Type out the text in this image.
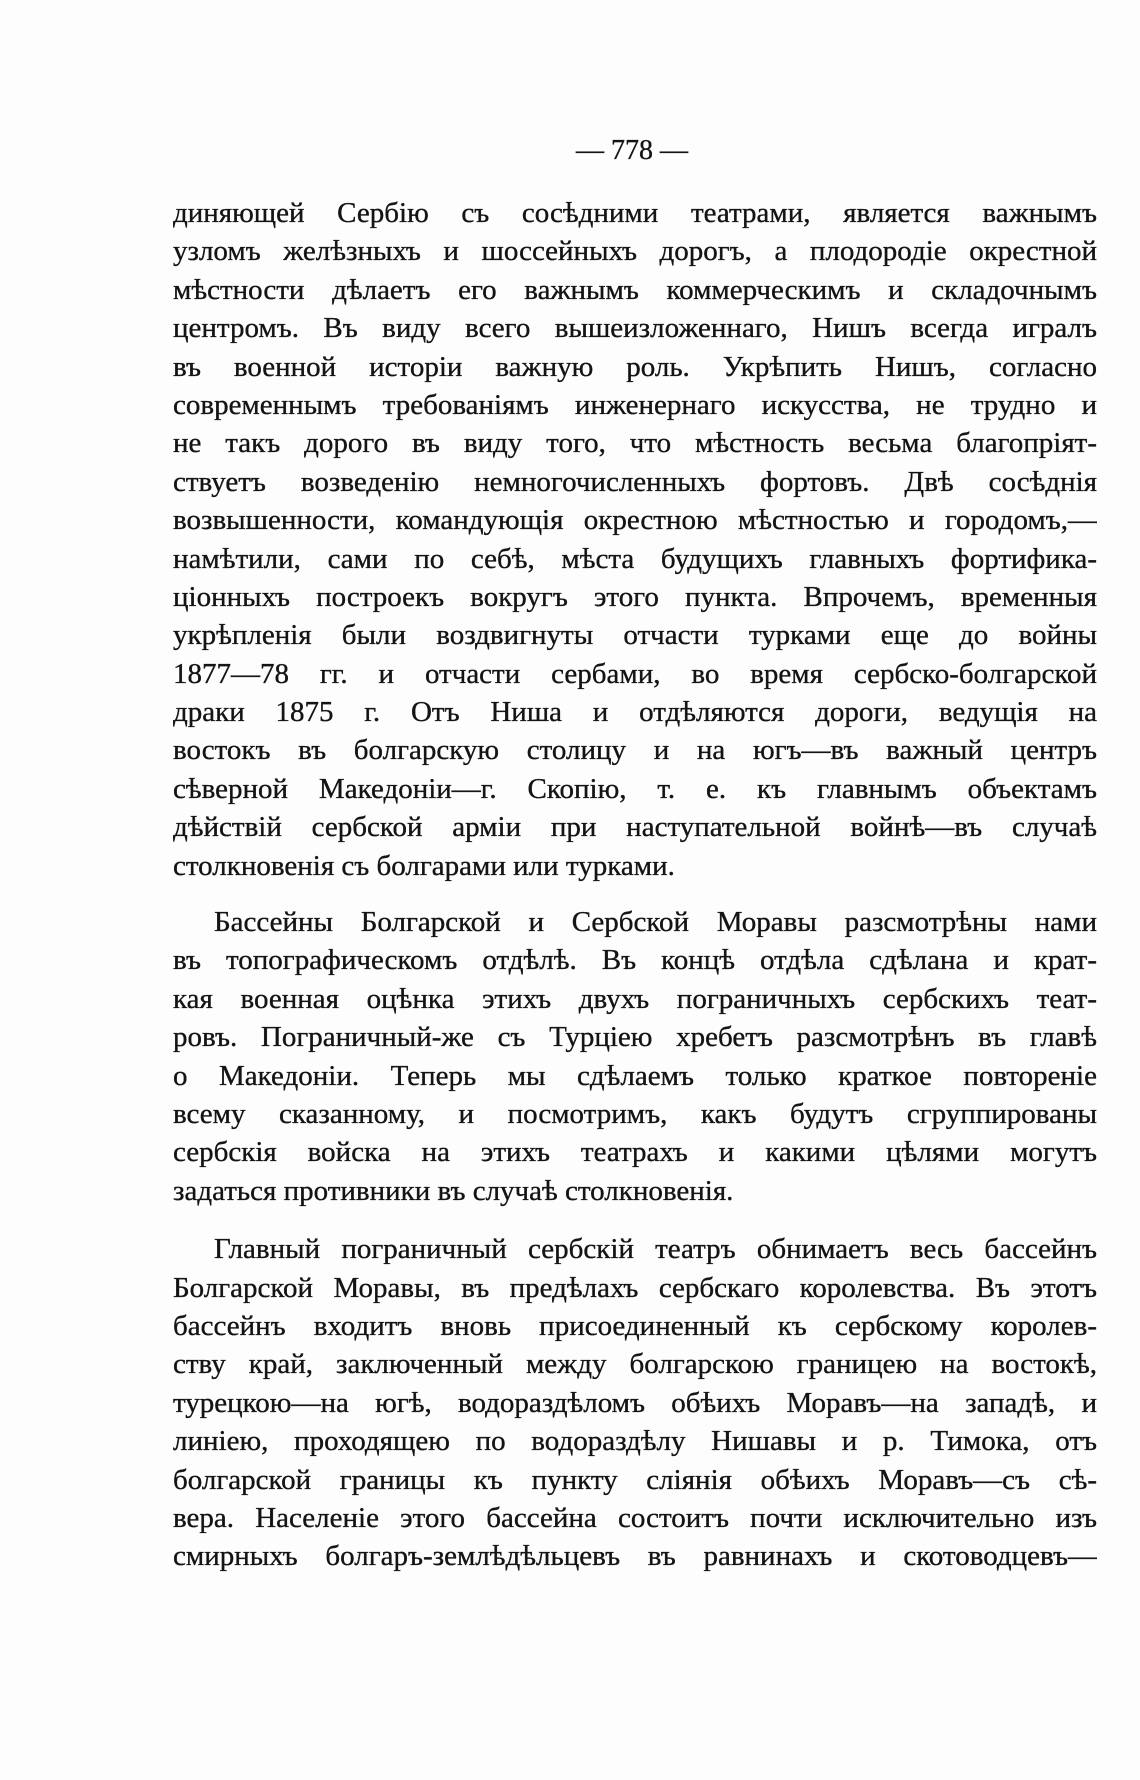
— 778 —
диняющей Сербію съ сосѣдними театрами, является важнымъ
узломъ желѣзныхъ и шоссейныхъ дорогъ, а плодородіе окрестной
мѣстности дѣлаетъ его важнымъ коммерческимъ и складочнымъ
центромъ. Въ виду всего вышеизложеннаго, Нишъ всегда игралъ
въ военной исторіи важную роль. Укрѣпить Нишъ, согласно
современнымъ требованіямъ инженернаго искусства, не трудно и
не такъ дорого въ виду того, что мѣстность весьма благопріят-
ствуетъ возведенію немногочисленныхъ фортовъ. Двѣ сосѣднія
возвышенности, командующія окрестною мѣстностью и городомъ,—
намѣтили, сами по себѣ, мѣста будущихъ главныхъ фортифика-
ціонныхъ построекъ вокругъ этого пункта. Впрочемъ, временныя
укрѣпленія были воздвигнуты отчасти турками еще до войны
1877—78 гг. и отчасти сербами, во время сербско-болгарской
драки 1875 г. Отъ Ниша и отдѣляются дороги, ведущія на
востокъ въ болгарскую столицу и на югъ—въ важный центръ
сѣверной Македоніи—г. Скопію, т. е. къ главнымъ объектамъ
дѣйствій сербской арміи при наступательной войнѣ—въ случаѣ
столкновенія съ болгарами или турками.
Бассейны Болгарской и Сербской Моравы разсмотрѣны нами
въ топографическомъ отдѣлѣ. Въ концѣ отдѣла сдѣлана и крат-
кая военная оцѣнка этихъ двухъ пограничныхъ сербскихъ теат-
ровъ. Пограничный-же съ Турціею хребетъ разсмотрѣнъ въ главѣ
о Македоніи. Теперь мы сдѣлаемъ только краткое повтореніе
всему сказанному, и посмотримъ, какъ будутъ сгруппированы
сербскія войска на этихъ театрахъ и какими цѣлями могутъ
задаться противники въ случаѣ столкновенія.
Главный пограничный сербскій театръ обнимаетъ весь бассейнъ
Болгарской Моравы, въ предѣлахъ сербскаго королевства. Въ этотъ
бассейнъ входитъ вновь присоединенный къ сербскому королев-
ству край, заключенный между болгарскою границею на востокѣ,
турецкою—на югѣ, водораздѣломъ обѣихъ Моравъ—на западѣ, и
линіею, проходящею по водораздѣлу Нишавы и р. Тимока, отъ
болгарской границы къ пункту сліянія обѣихъ Моравъ—съ сѣ-
вера. Населеніе этого бассейна состоитъ почти исключительно изъ
смирныхъ болгаръ-землѣдѣльцевъ въ равнинахъ и скотоводцевъ—
